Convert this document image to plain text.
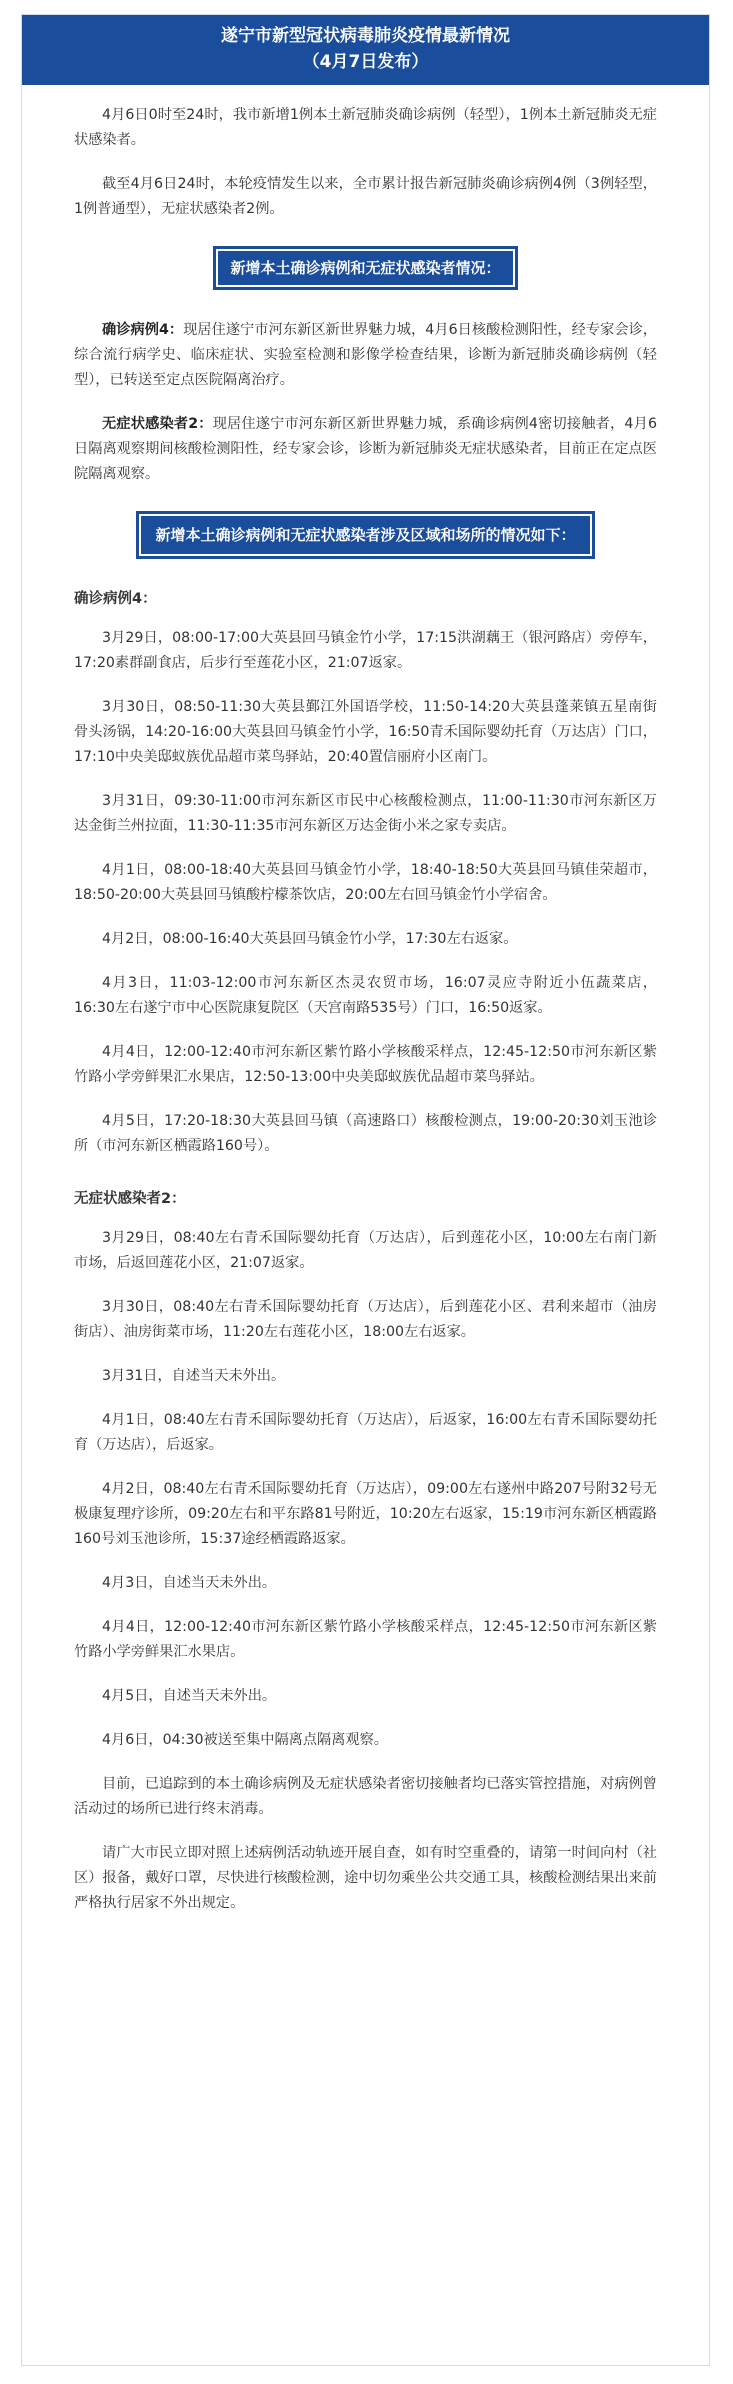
遂宁市新型冠状病毒肺炎疫情最新情况
（4月7日发布）

4月6日0时至24时，我市新增1例本土新冠肺炎确诊病例（轻型），1例本土新冠肺炎无症状感染者。

截至4月6日24时，本轮疫情发生以来，全市累计报告新冠肺炎确诊病例4例（3例轻型，1例普通型），无症状感染者2例。

新增本土确诊病例和无症状感染者情况：

确诊病例4：现居住遂宁市河东新区新世界魅力城，4月6日核酸检测阳性，经专家会诊，综合流行病学史、临床症状、实验室检测和影像学检查结果，诊断为新冠肺炎确诊病例（轻型），已转送至定点医院隔离治疗。

无症状感染者2：现居住遂宁市河东新区新世界魅力城，系确诊病例4密切接触者，4月6日隔离观察期间核酸检测阳性，经专家会诊，诊断为新冠肺炎无症状感染者，目前正在定点医院隔离观察。

新增本土确诊病例和无症状感染者涉及区域和场所的情况如下：
确诊病例4：

3月29日，08:00-17:00大英县回马镇金竹小学，17:15洪湖藕王（银河路店）旁停车，17:20素群副食店，后步行至莲花小区，21:07返家。

3月30日，08:50-11:30大英县鄞江外国语学校，11:50-14:20大英县蓬莱镇五星南街骨头汤锅，14:20-16:00大英县回马镇金竹小学，16:50青禾国际婴幼托育（万达店）门口，17:10中央美邸蚁族优品超市菜鸟驿站，20:40置信丽府小区南门。

3月31日，09:30-11:00市河东新区市民中心核酸检测点，11:00-11:30市河东新区万达金街兰州拉面，11:30-11:35市河东新区万达金街小米之家专卖店。

4月1日，08:00-18:40大英县回马镇金竹小学，18:40-18:50大英县回马镇佳荣超市，18:50-20:00大英县回马镇酸柠檬茶饮店，20:00左右回马镇金竹小学宿舍。

4月2日，08:00-16:40大英县回马镇金竹小学，17:30左右返家。

4月3日，11:03-12:00市河东新区杰灵农贸市场，16:07灵应寺附近小伍蔬菜店，16:30左右遂宁市中心医院康复院区（天宫南路535号）门口，16:50返家。

4月4日，12:00-12:40市河东新区紫竹路小学核酸采样点，12:45-12:50市河东新区紫竹路小学旁鲜果汇水果店，12:50-13:00中央美邸蚁族优品超市菜鸟驿站。

4月5日，17:20-18:30大英县回马镇（高速路口）核酸检测点，19:00-20:30刘玉池诊所（市河东新区栖霞路160号）。

无症状感染者2：

3月29日，08:40左右青禾国际婴幼托育（万达店），后到莲花小区，10:00左右南门新市场，后返回莲花小区，21:07返家。

3月30日，08:40左右青禾国际婴幼托育（万达店），后到莲花小区、君利来超市（油房街店）、油房街菜市场，11:20左右莲花小区，18:00左右返家。

3月31日，自述当天未外出。

4月1日，08:40左右青禾国际婴幼托育（万达店），后返家，16:00左右青禾国际婴幼托育（万达店），后返家。

4月2日，08:40左右青禾国际婴幼托育（万达店），09:00左右遂州中路207号附32号无极康复理疗诊所，09:20左右和平东路81号附近，10:20左右返家，15:19市河东新区栖霞路160号刘玉池诊所，15:37途经栖霞路返家。

4月3日，自述当天未外出。

4月4日，12:00-12:40市河东新区紫竹路小学核酸采样点，12:45-12:50市河东新区紫竹路小学旁鲜果汇水果店。

4月5日，自述当天未外出。

4月6日，04:30被送至集中隔离点隔离观察。

目前，已追踪到的本土确诊病例及无症状感染者密切接触者均已落实管控措施，对病例曾活动过的场所已进行终末消毒。

请广大市民立即对照上述病例活动轨迹开展自查，如有时空重叠的，请第一时间向村（社区）报备，戴好口罩，尽快进行核酸检测，途中切勿乘坐公共交通工具，核酸检测结果出来前严格执行居家不外出规定。
